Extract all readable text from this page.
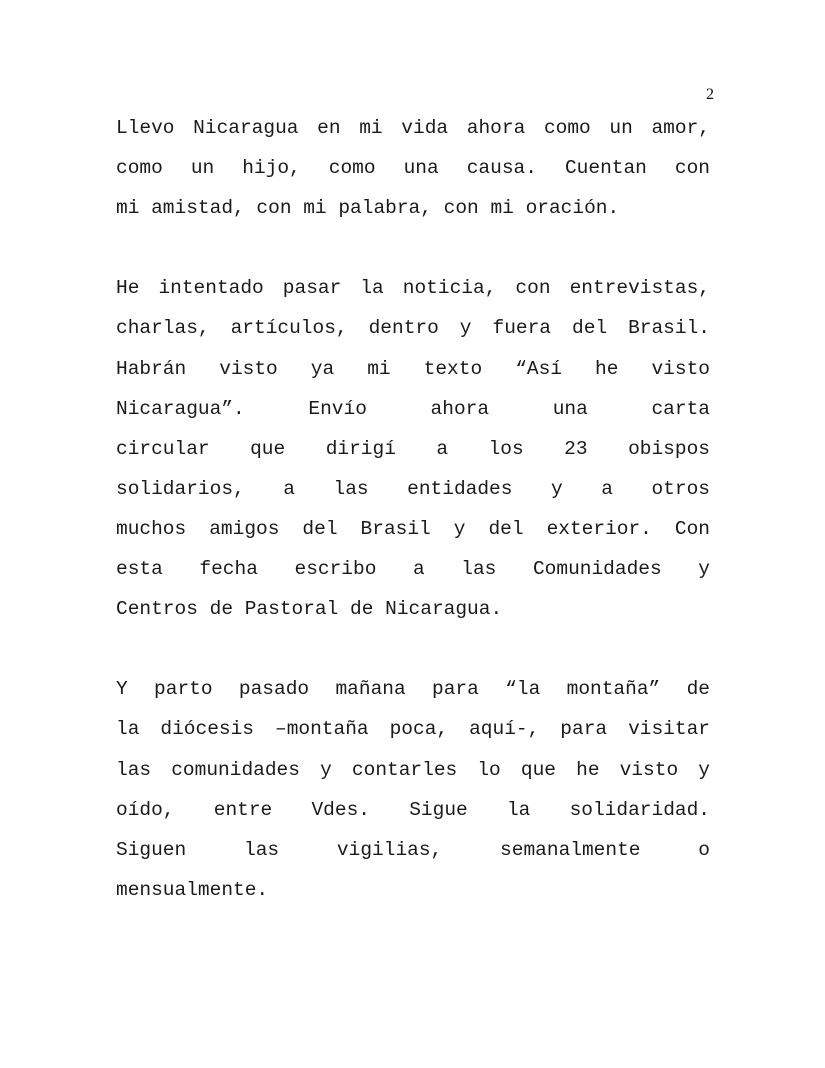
2

Llevo Nicaragua en mi vida ahora como un amor,
como un hijo, como una causa. Cuentan con
mi amistad, con mi palabra, con mi oración.

He intentado pasar la noticia, con entrevistas,
charlas, artículos, dentro y fuera del Brasil.
Habrán visto ya mi texto “Así he visto
Nicaragua”. Envío ahora una carta
circular que dirigí a los 23 obispos
solidarios, a las entidades y a otros
muchos amigos del Brasil y del exterior. Con
esta fecha escribo a las Comunidades y
Centros de Pastoral de Nicaragua.

Y parto pasado mañana para “la montaña” de
la diócesis –montaña poca, aquí-, para visitar
las comunidades y contarles lo que he visto y
oído, entre Vdes. Sigue la solidaridad.
Siguen las vigilias, semanalmente o
mensualmente.
